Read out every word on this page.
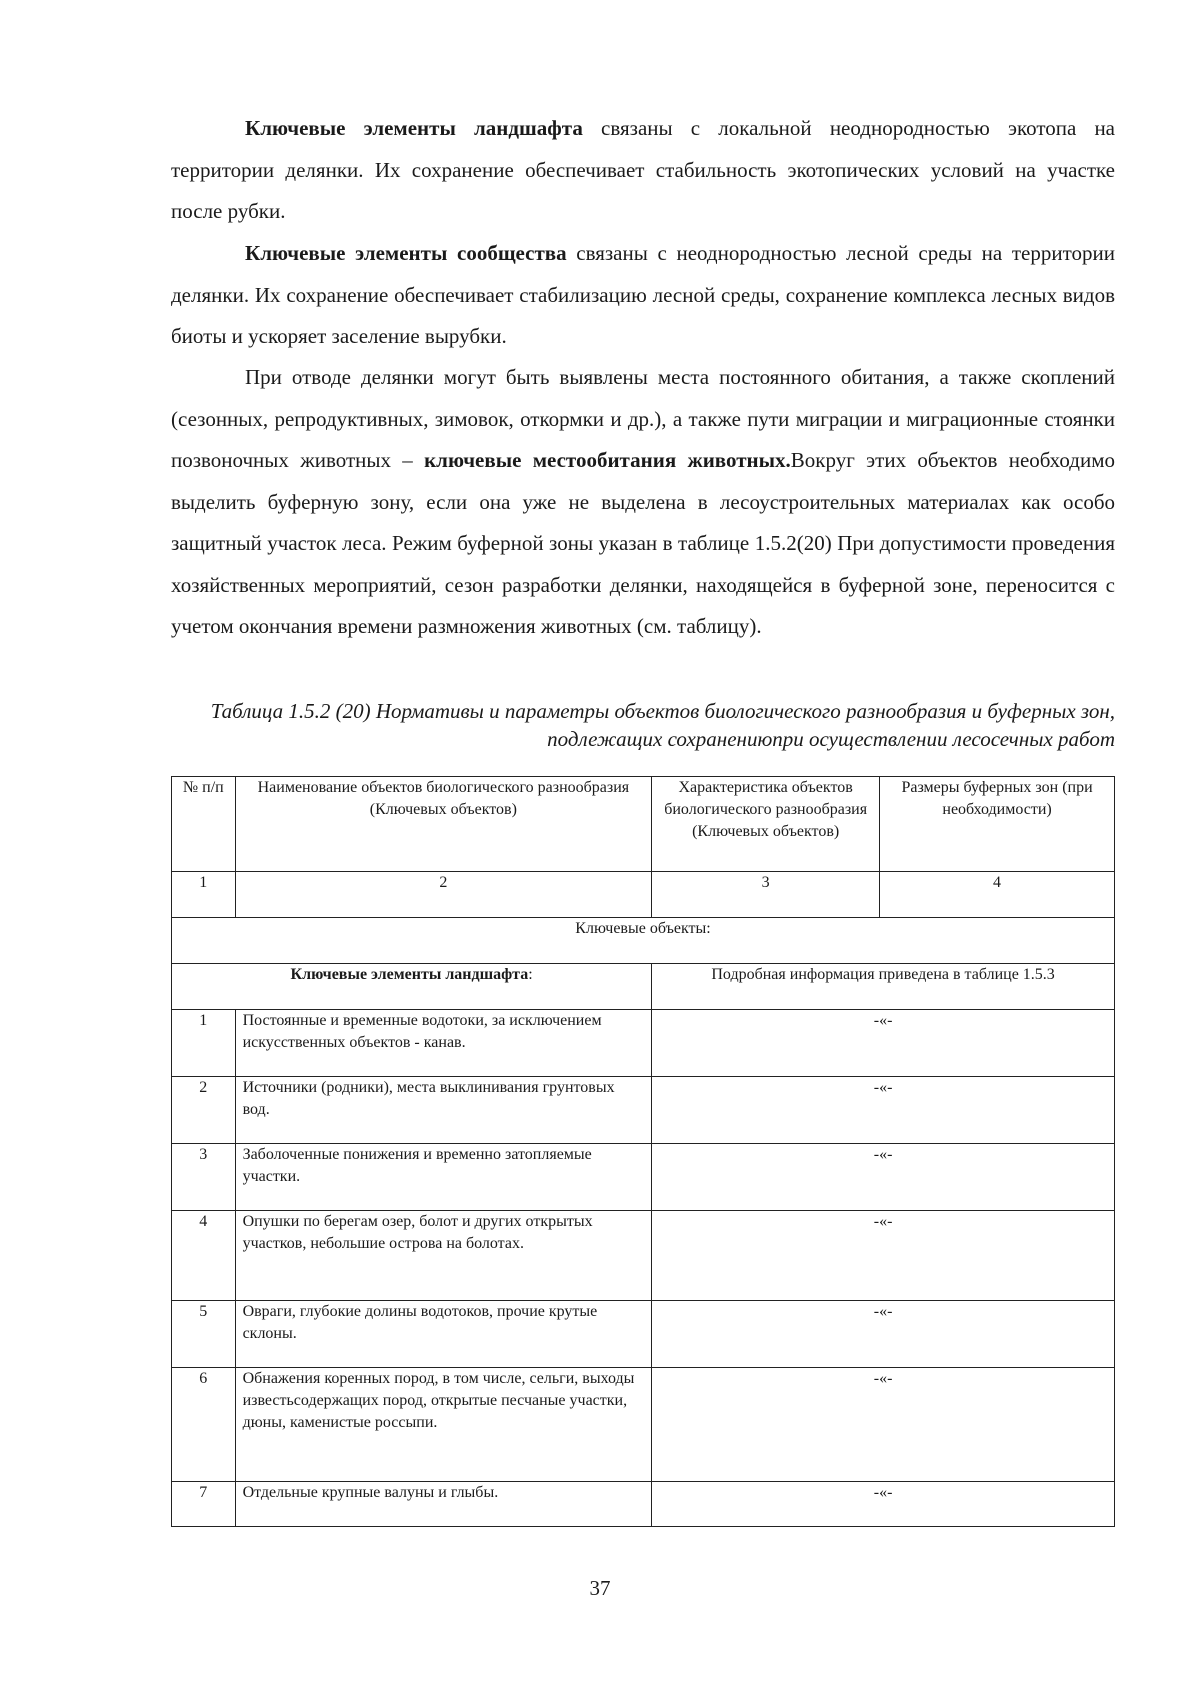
Ключевые элементы ландшафта связаны с локальной неоднородностью экотопа на территории делянки. Их сохранение обеспечивает стабильность экотопических условий на участке после рубки.

Ключевые элементы сообщества связаны с неоднородностью лесной среды на территории делянки. Их сохранение обеспечивает стабилизацию лесной среды, сохранение комплекса лесных видов биоты и ускоряет заселение вырубки.

При отводе делянки могут быть выявлены места постоянного обитания, а также скоплений (сезонных, репродуктивных, зимовок, откормки и др.), а также пути миграции и миграционные стоянки позвоночных животных – ключевые местообитания животных.Вокруг этих объектов необходимо выделить буферную зону, если она уже не выделена в лесоустроительных материалах как особо защитный участок леса. Режим буферной зоны указан в таблице 1.5.2(20) При допустимости проведения хозяйственных мероприятий, сезон разработки делянки, находящейся в буферной зоне, переносится с учетом окончания времени размножения животных (см. таблицу).

Таблица 1.5.2 (20) Нормативы и параметры объектов биологического разнообразия и буферных зон, подлежащих сохранениюпри осуществлении лесосечных работ
№ п/п	Наименование объектов биологического разнообразия (Ключевых объектов)	Характеристика объектов биологического разнообразия (Ключевых объектов)	Размеры буферных зон (при необходимости)
1	2	3	4
Ключевые объекты:			
Ключевые элементы ландшафта:		Подробная информация приведена в таблице 1.5.3	
1	Постоянные и временные водотоки, за исключением искусственных объектов - канав.	-«-	
2	Источники (родники), места выклинивания грунтовых вод.	-«-	
3	Заболоченные понижения и временно затопляемые участки.	-«-	
4	Опушки по берегам озер, болот и других открытых участков, небольшие острова на болотах.	-«-	
5	Овраги, глубокие долины водотоков, прочие крутые склоны.	-«-	
6	Обнажения коренных пород, в том числе, сельги, выходы известьсодержащих пород, открытые песчаные участки, дюны, каменистые россыпи.	-«-	
7	Отдельные крупные валуны и глыбы.	-«-	
37
